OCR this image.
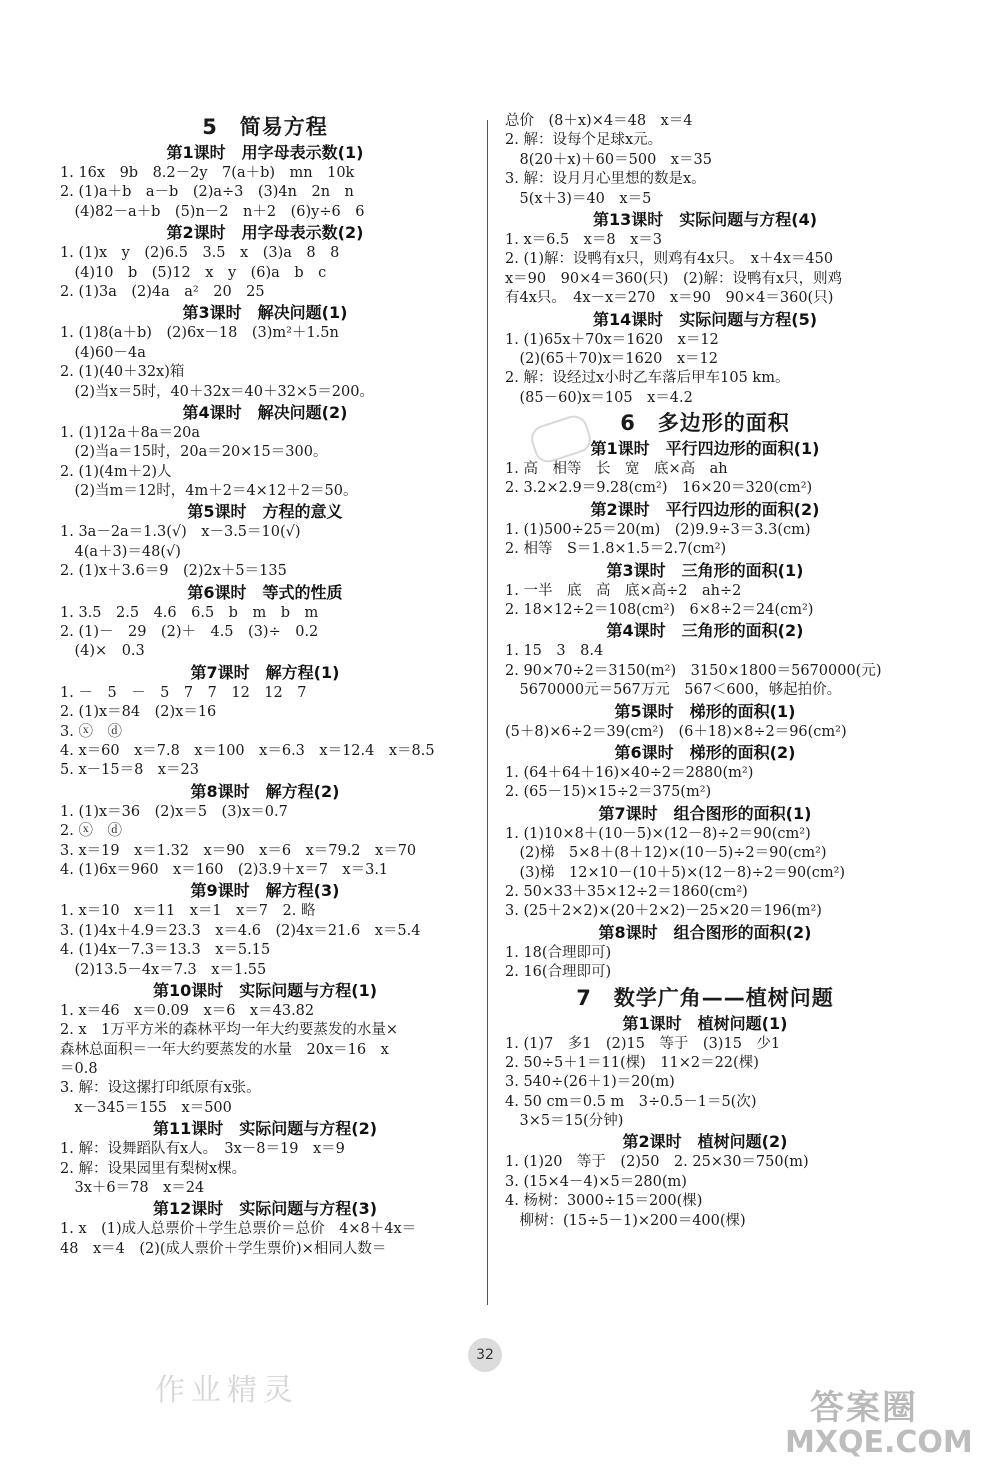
5　简易方程
第1课时　用字母表示数(1)
1. 16x　9b　8.2－2y　7(a＋b)　mn　10k
2. (1)a＋b　a－b　(2)a÷3　(3)4n　2n　n
　(4)82－a＋b　(5)n－2　n＋2　(6)y÷6　6
第2课时　用字母表示数(2)
1. (1)x　y　(2)6.5　3.5　x　(3)a　8　8
　(4)10　b　(5)12　x　y　(6)a　b　c
2. (1)3a　(2)4a　a²　20　25
第3课时　解决问题(1)
1. (1)8(a＋b)　(2)6x－18　(3)m²＋1.5n
　(4)60－4a
2. (1)(40＋32x)箱
　(2)当x＝5时，40＋32x＝40＋32×5＝200。
第4课时　解决问题(2)
1. (1)12a＋8a＝20a
　(2)当a＝15时，20a＝20×15＝300。
2. (1)(4m＋2)人
　(2)当m＝12时，4m＋2＝4×12＋2＝50。
第5课时　方程的意义
1. 3a－2a＝1.3(√)　x－3.5＝10(√)
　4(a＋3)＝48(√)
2. (1)x＋3.6＝9　(2)2x＋5＝135
第6课时　等式的性质
1. 3.5　2.5　4.6　6.5　b　m　b　m
2. (1)－　29　(2)＋　4.5　(3)÷　0.2
　(4)×　0.3
第7课时　解方程(1)
1. －　5　－　5　7　7　12　12　7
2. (1)x＝84　(2)x＝16
3. ⓧ　ⓓ
4. x＝60　x＝7.8　x＝100　x＝6.3　x＝12.4　x＝8.5
5. x－15＝8　x＝23
第8课时　解方程(2)
1. (1)x＝36　(2)x＝5　(3)x＝0.7
2. ⓧ　ⓓ
3. x＝19　x＝1.32　x＝90　x＝6　x＝79.2　x＝70
4. (1)6x＝960　x＝160　(2)3.9＋x＝7　x＝3.1
第9课时　解方程(3)
1. x＝10　x＝11　x＝1　x＝7　2. 略
3. (1)4x＋4.9＝23.3　x＝4.6　(2)4x＝21.6　x＝5.4
4. (1)4x－7.3＝13.3　x＝5.15
　(2)13.5－4x＝7.3　x＝1.55
第10课时　实际问题与方程(1)
1. x＝46　x＝0.09　x＝6　x＝43.82
2. x　1万平方米的森林平均一年大约要蒸发的水量×
森林总面积＝一年大约要蒸发的水量　20x＝16　x
＝0.8
3. 解：设这摞打印纸原有x张。
　x－345＝155　x＝500
第11课时　实际问题与方程(2)
1. 解：设舞蹈队有x人。　3x－8＝19　x＝9
2. 解：设果园里有梨树x棵。
　3x＋6＝78　x＝24
第12课时　实际问题与方程(3)
1. x　(1)成人总票价＋学生总票价＝总价　4×8＋4x＝
48　x＝4　(2)(成人票价＋学生票价)×相同人数＝
总价　(8＋x)×4＝48　x＝4
2. 解：设每个足球x元。
　8(20＋x)＋60＝500　x＝35
3. 解：设月月心里想的数是x。
　5(x＋3)＝40　x＝5
第13课时　实际问题与方程(4)
1. x＝6.5　x＝8　x＝3
2. (1)解：设鸭有x只，则鸡有4x只。　x＋4x＝450
x＝90　90×4＝360(只)　(2)解：设鸭有x只，则鸡
有4x只。　4x－x＝270　x＝90　90×4＝360(只)
第14课时　实际问题与方程(5)
1. (1)65x＋70x＝1620　x＝12
　(2)(65＋70)x＝1620　x＝12
2. 解：设经过x小时乙车落后甲车105 km。
　(85－60)x＝105　x＝4.2
6　多边形的面积
第1课时　平行四边形的面积(1)
1. 高　相等　长　宽　底×高　ah
2. 3.2×2.9＝9.28(cm²)　16×20＝320(cm²)
第2课时　平行四边形的面积(2)
1. (1)500÷25＝20(m)　(2)9.9÷3＝3.3(cm)
2. 相等　S＝1.8×1.5＝2.7(cm²)
第3课时　三角形的面积(1)
1. 一半　底　高　底×高÷2　ah÷2
2. 18×12÷2＝108(cm²)　6×8÷2＝24(cm²)
第4课时　三角形的面积(2)
1. 15　3　8.4
2. 90×70÷2＝3150(m²)　3150×1800＝5670000(元)
　5670000元＝567万元　567＜600，够起拍价。
第5课时　梯形的面积(1)
(5＋8)×6÷2＝39(cm²)　(6＋18)×8÷2＝96(cm²)
第6课时　梯形的面积(2)
1. (64＋64＋16)×40÷2＝2880(m²)
2. (65－15)×15÷2＝375(m²)
第7课时　组合图形的面积(1)
1. (1)10×8＋(10－5)×(12－8)÷2＝90(cm²)
　(2)梯　5×8＋(8＋12)×(10－5)÷2＝90(cm²)
　(3)梯　12×10－(10＋5)×(12－8)÷2＝90(cm²)
2. 50×33＋35×12÷2＝1860(cm²)
3. (25＋2×2)×(20＋2×2)－25×20＝196(m²)
第8课时　组合图形的面积(2)
1. 18(合理即可)
2. 16(合理即可)
7　数学广角——植树问题
第1课时　植树问题(1)
1. (1)7　多1　(2)15　等于　(3)15　少1
2. 50÷5＋1＝11(棵)　11×2＝22(棵)
3. 540÷(26＋1)＝20(m)
4. 50 cm＝0.5 m　3÷0.5－1＝5(次)
　3×5＝15(分钟)
第2课时　植树问题(2)
1. (1)20　等于　(2)50　2. 25×30＝750(m)
3. (15×4－4)×5＝280(m)
4. 杨树：3000÷15＝200(棵)
　柳树：(15÷5－1)×200＝400(棵)
32
作业精灵	答案圈
MXQE.COM
